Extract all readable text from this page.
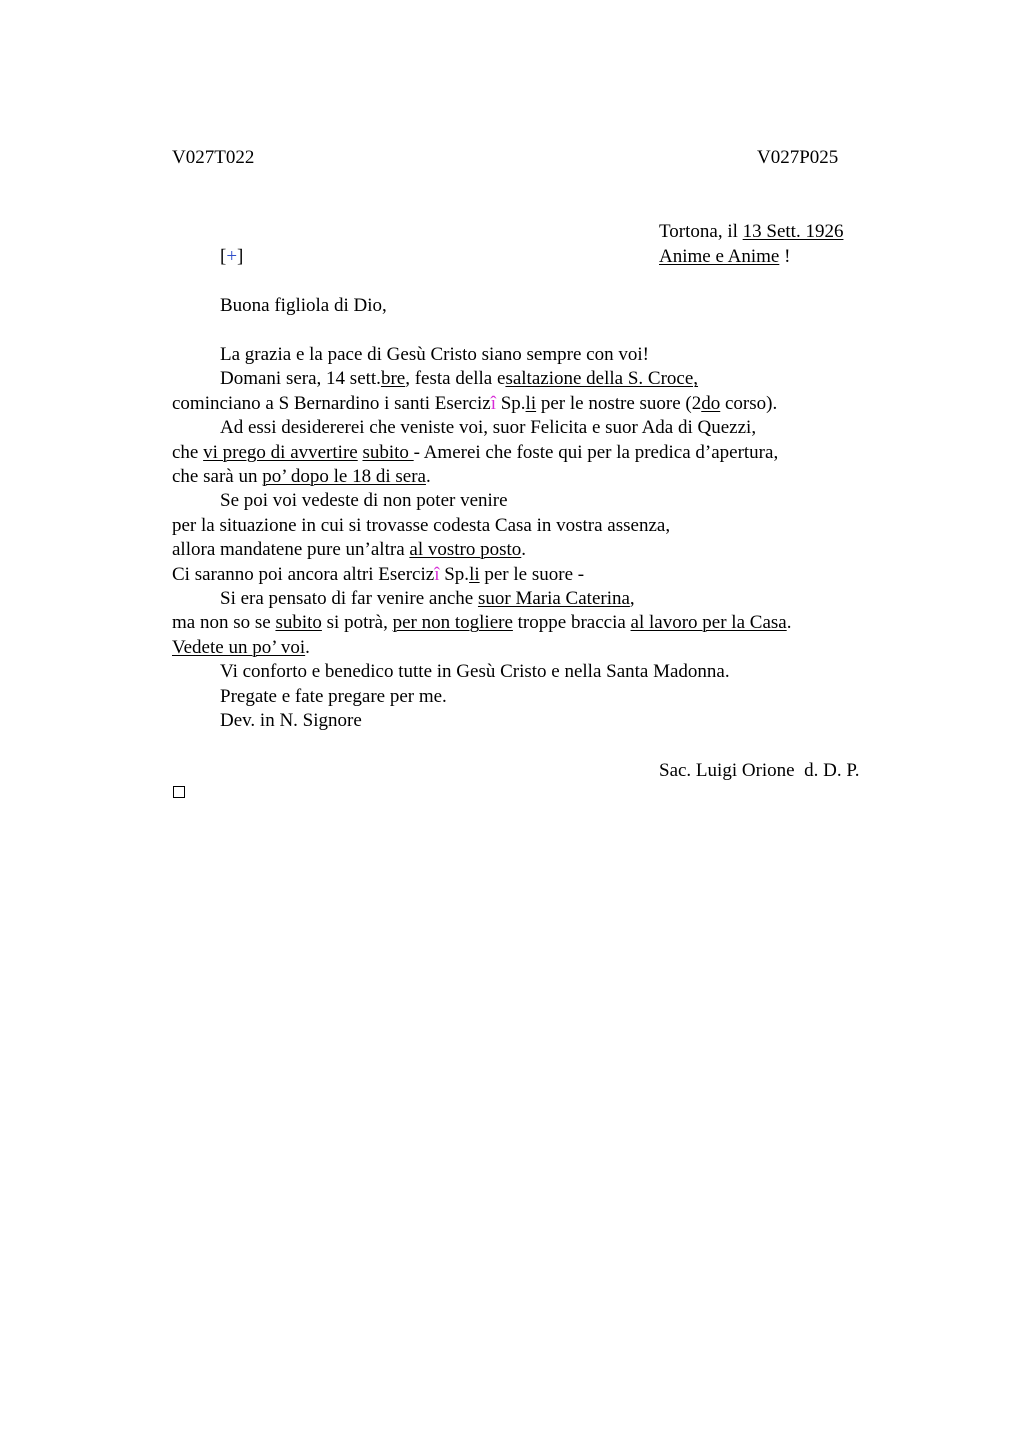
V027T022	V027P025
Tortona, il 13 Sett. 1926
[+]	Anime e Anime !
Buona figliola di Dio,
La grazia e la pace di Gesù Cristo siano sempre con voi!
Domani sera, 14 sett.bre, festa della esaltazione della S. Croce,
cominciano a S Bernardino i santi Esercizî Sp.li per le nostre suore (2do corso).
Ad essi desidererei che veniste voi, suor Felicita e suor Ada di Quezzi,
che vi prego di avvertire subito - Amerei che foste qui per la predica d’apertura,
che sarà un po’ dopo le 18 di sera.
Se poi voi vedeste di non poter venire
per la situazione in cui si trovasse codesta Casa in vostra assenza,
allora mandatene pure un’altra al vostro posto.
Ci saranno poi ancora altri Esercizî Sp.li per le suore -
Si era pensato di far venire anche suor Maria Caterina,
ma non so se subito si potrà, per non togliere troppe braccia al lavoro per la Casa.
Vedete un po’ voi.
Vi conforto e benedico tutte in Gesù Cristo e nella Santa Madonna.
Pregate e fate pregare per me.
Dev. in N. Signore
Sac. Luigi Orione  d. D. P.
